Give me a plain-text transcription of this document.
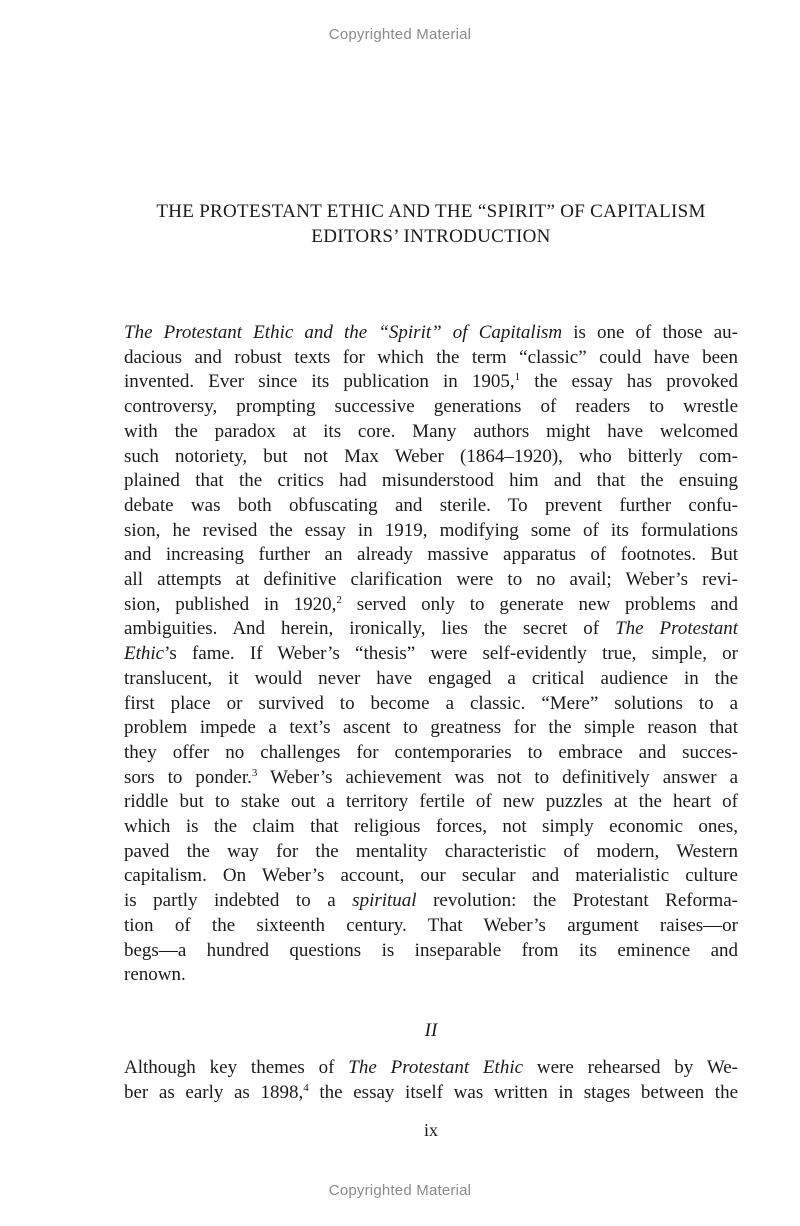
Copyrighted Material
THE PROTESTANT ETHIC AND THE “SPIRIT” OF CAPITALISM
EDITORS’ INTRODUCTION
The Protestant Ethic and the “Spirit” of Capitalism is one of those au-
dacious and robust texts for which the term “classic” could have been
invented. Ever since its publication in 1905,$^1$ the essay has provoked
controversy, prompting successive generations of readers to wrestle
with the paradox at its core. Many authors might have welcomed
such notoriety, but not Max Weber (1864–1920), who bitterly com-
plained that the critics had misunderstood him and that the ensuing
debate was both obfuscating and sterile. To prevent further confu-
sion, he revised the essay in 1919, modifying some of its formulations
and increasing further an already massive apparatus of footnotes. But
all attempts at definitive clarification were to no avail; Weber’s revi-
sion, published in 1920,$^2$ served only to generate new problems and
ambiguities. And herein, ironically, lies the secret of The Protestant
Ethic’s fame. If Weber’s “thesis” were self-evidently true, simple, or
translucent, it would never have engaged a critical audience in the
first place or survived to become a classic. “Mere” solutions to a
problem impede a text’s ascent to greatness for the simple reason that
they offer no challenges for contemporaries to embrace and succes-
sors to ponder.$^3$ Weber’s achievement was not to definitively answer a
riddle but to stake out a territory fertile of new puzzles at the heart of
which is the claim that religious forces, not simply economic ones,
paved the way for the mentality characteristic of modern, Western
capitalism. On Weber’s account, our secular and materialistic culture
is partly indebted to a spiritual revolution: the Protestant Reforma-
tion of the sixteenth century. That Weber’s argument raises—or
begs—a hundred questions is inseparable from its eminence and
renown.
II
Although key themes of The Protestant Ethic were rehearsed by We-
ber as early as 1898,$^4$ the essay itself was written in stages between the
ix
Copyrighted Material
